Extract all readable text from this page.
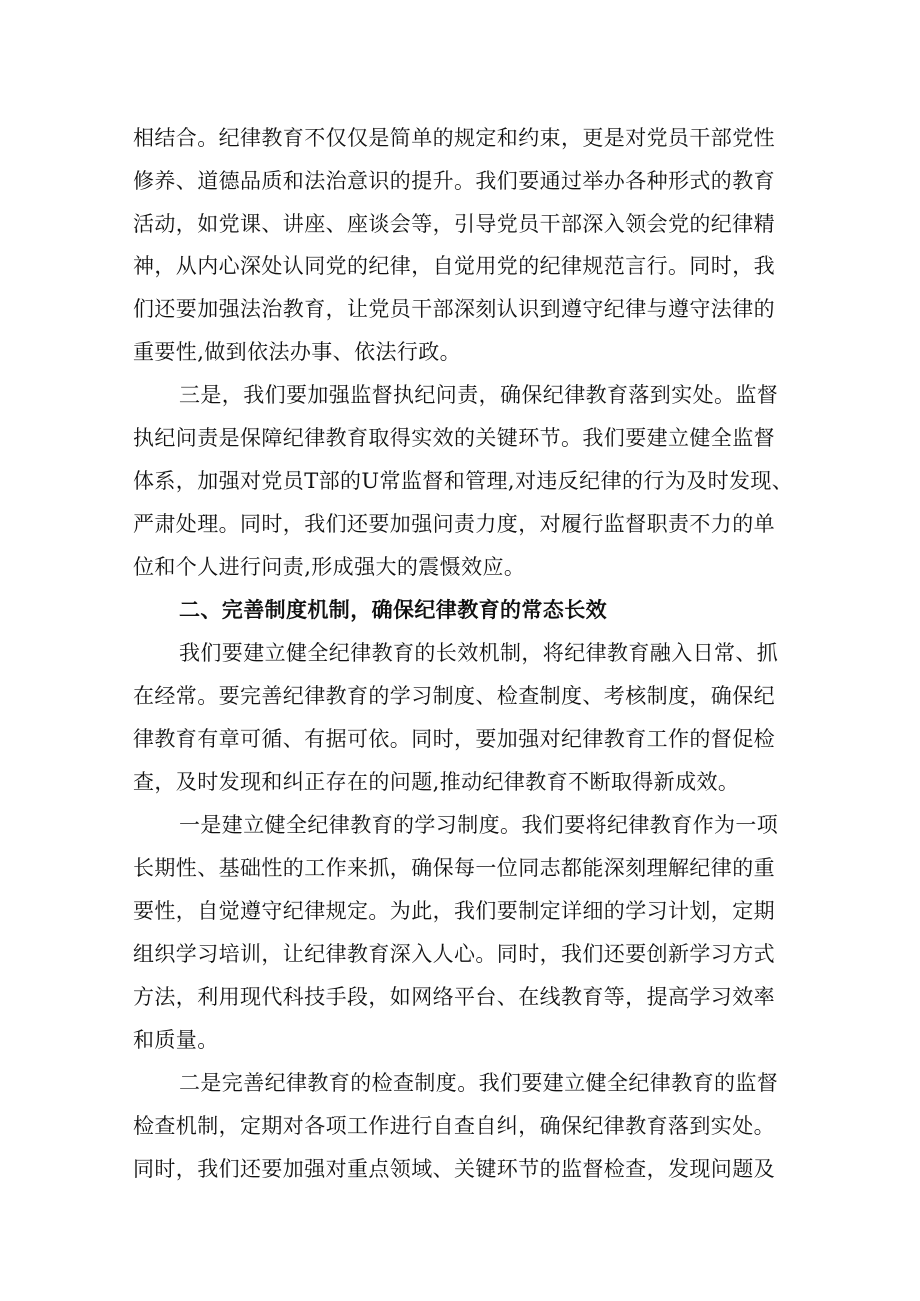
相结合。纪律教育不仅仅是简单的规定和约束，更是对党员干部党性
修养、道德品质和法治意识的提升。我们要通过举办各种形式的教育
活动，如党课、讲座、座谈会等，引导党员干部深入领会党的纪律精
神，从内心深处认同党的纪律，自觉用党的纪律规范言行。同时，我
们还要加强法治教育，让党员干部深刻认识到遵守纪律与遵守法律的
重要性,做到依法办事、依法行政。
三是，我们要加强监督执纪问责，确保纪律教育落到实处。监督
执纪问责是保障纪律教育取得实效的关键环节。我们要建立健全监督
体系，加强对党员T部的U常监督和管理,对违反纪律的行为及时发现、
严肃处理。同时，我们还要加强问责力度，对履行监督职责不力的单
位和个人进行问责,形成强大的震慑效应。
二、完善制度机制，确保纪律教育的常态长效
我们要建立健全纪律教育的长效机制，将纪律教育融入日常、抓
在经常。要完善纪律教育的学习制度、检查制度、考核制度，确保纪
律教育有章可循、有据可依。同时，要加强对纪律教育工作的督促检
查，及时发现和纠正存在的问题,推动纪律教育不断取得新成效。
一是建立健全纪律教育的学习制度。我们要将纪律教育作为一项
长期性、基础性的工作来抓，确保每一位同志都能深刻理解纪律的重
要性，自觉遵守纪律规定。为此，我们要制定详细的学习计划，定期
组织学习培训，让纪律教育深入人心。同时，我们还要创新学习方式
方法，利用现代科技手段，如网络平台、在线教育等，提高学习效率
和质量。
二是完善纪律教育的检查制度。我们要建立健全纪律教育的监督
检查机制，定期对各项工作进行自查自纠，确保纪律教育落到实处。
同时，我们还要加强对重点领域、关键环节的监督检查，发现问题及
